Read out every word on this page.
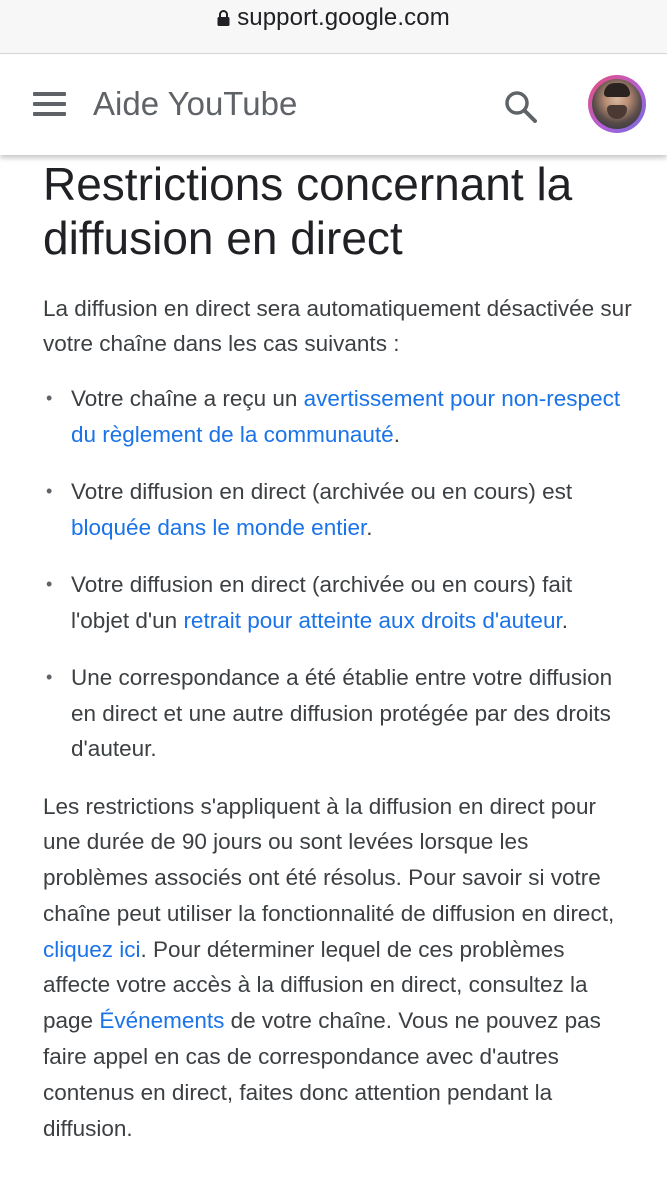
support.google.com
Aide YouTube
Restrictions concernant la diffusion en direct

La diffusion en direct sera automatiquement désactivée sur votre chaîne dans les cas suivants :

• Votre chaîne a reçu un avertissement pour non-respect du règlement de la communauté.
• Votre diffusion en direct (archivée ou en cours) est bloquée dans le monde entier.
• Votre diffusion en direct (archivée ou en cours) fait l'objet d'un retrait pour atteinte aux droits d'auteur.
• Une correspondance a été établie entre votre diffusion en direct et une autre diffusion protégée par des droits d'auteur.

Les restrictions s'appliquent à la diffusion en direct pour une durée de 90 jours ou sont levées lorsque les problèmes associés ont été résolus. Pour savoir si votre chaîne peut utiliser la fonctionnalité de diffusion en direct, cliquez ici. Pour déterminer lequel de ces problèmes affecte votre accès à la diffusion en direct, consultez la page Événements de votre chaîne. Vous ne pouvez pas faire appel en cas de correspondance avec d'autres contenus en direct, faites donc attention pendant la diffusion.
